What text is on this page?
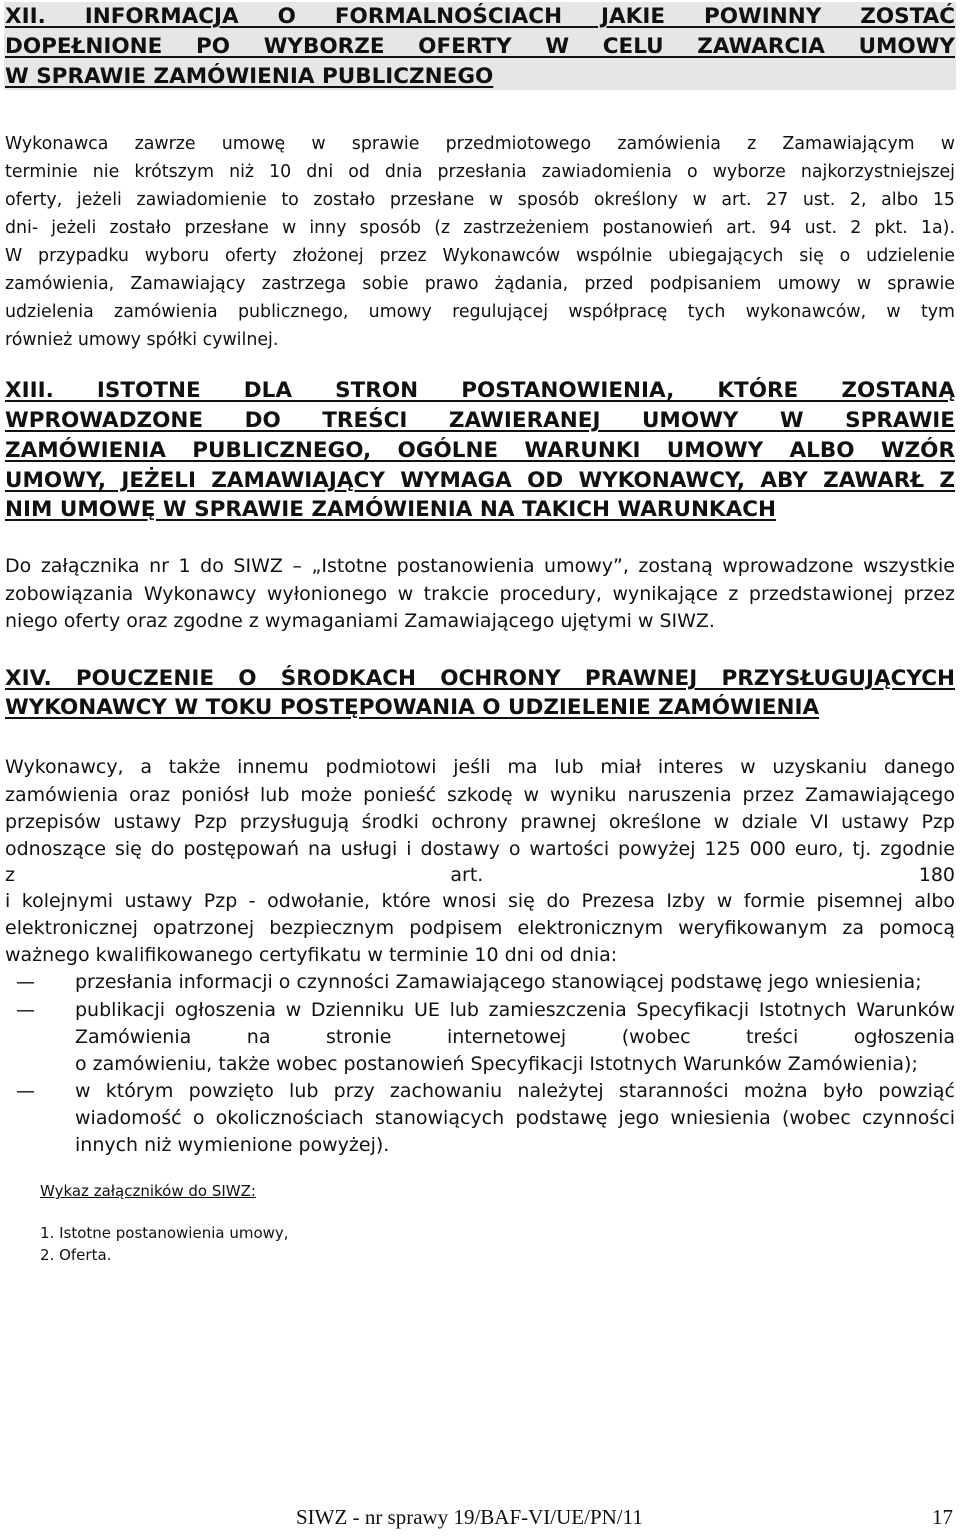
XII. INFORMACJA O FORMALNOŚCIACH JAKIE POWINNY ZOSTAĆ
DOPEŁNIONE PO WYBORZE OFERTY W CELU ZAWARCIA UMOWY
W SPRAWIE ZAMÓWIENIA PUBLICZNEGO
Wykonawca zawrze umowę w sprawie przedmiotowego zamówienia z Zamawiającym w
terminie nie krótszym niż 10 dni od dnia przesłania zawiadomienia o wyborze najkorzystniejszej
oferty, jeżeli zawiadomienie to zostało przesłane w sposób określony w art. 27 ust. 2, albo 15
dni- jeżeli zostało przesłane w inny sposób (z zastrzeżeniem postanowień art. 94 ust. 2 pkt. 1a).
W przypadku wyboru oferty złożonej przez Wykonawców wspólnie ubiegających się o udzielenie
zamówienia, Zamawiający zastrzega sobie prawo żądania, przed podpisaniem umowy w sprawie
udzielenia zamówienia publicznego, umowy regulującej współpracę tych wykonawców, w tym
również umowy spółki cywilnej.
XIII. ISTOTNE DLA STRON POSTANOWIENIA, KTÓRE ZOSTANĄ
WPROWADZONE DO TREŚCI ZAWIERANEJ UMOWY W SPRAWIE
ZAMÓWIENIA PUBLICZNEGO, OGÓLNE WARUNKI UMOWY ALBO WZÓR
UMOWY, JEŻELI ZAMAWIAJĄCY WYMAGA OD WYKONAWCY, ABY ZAWARŁ Z
NIM UMOWĘ W SPRAWIE ZAMÓWIENIA NA TAKICH WARUNKACH
Do załącznika nr 1 do SIWZ – „Istotne postanowienia umowy”, zostaną wprowadzone wszystkie
zobowiązania Wykonawcy wyłonionego w trakcie procedury, wynikające z przedstawionej przez
niego oferty oraz zgodne z wymaganiami Zamawiającego ujętymi w SIWZ.
XIV. POUCZENIE O ŚRODKACH OCHRONY PRAWNEJ PRZYSŁUGUJĄCYCH
WYKONAWCY W TOKU POSTĘPOWANIA O UDZIELENIE ZAMÓWIENIA
Wykonawcy, a także innemu podmiotowi jeśli ma lub miał interes w uzyskaniu danego
zamówienia oraz poniósł lub może ponieść szkodę w wyniku naruszenia przez Zamawiającego
przepisów ustawy Pzp przysługują środki ochrony prawnej określone w dziale VI ustawy Pzp
odnoszące się do postępowań na usługi i dostawy o wartości powyżej 125 000 euro, tj. zgodnie
z art. 180
i kolejnymi ustawy Pzp - odwołanie, które wnosi się do Prezesa Izby w formie pisemnej albo
elektronicznej opatrzonej bezpiecznym podpisem elektronicznym weryfikowanym za pomocą
ważnego kwalifikowanego certyfikatu w terminie 10 dni od dnia:
—	przesłania informacji o czynności Zamawiającego stanowiącej podstawę jego wniesienia;
—	publikacji ogłoszenia w Dzienniku UE lub zamieszczenia Specyfikacji Istotnych Warunków
Zamówienia na stronie internetowej (wobec treści ogłoszenia
o zamówieniu, także wobec postanowień Specyfikacji Istotnych Warunków Zamówienia);
—	w którym powzięto lub przy zachowaniu należytej staranności można było powziąć
wiadomość o okolicznościach stanowiących podstawę jego wniesienia (wobec czynności
innych niż wymienione powyżej).
Wykaz załączników do SIWZ:
1. Istotne postanowienia umowy,
2. Oferta.
SIWZ - nr sprawy 19/BAF-VI/UE/PN/11	17
